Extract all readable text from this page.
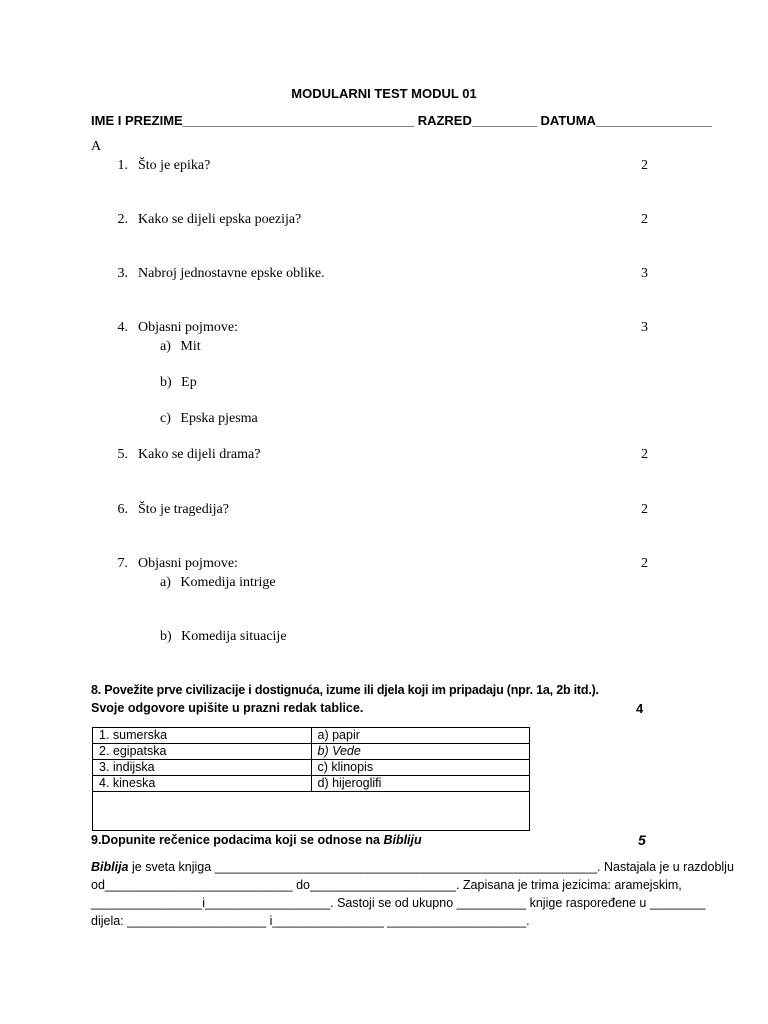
MODULARNI TEST MODUL 01
IME I PREZIME________________________________ RAZRED_________ DATUMA________________
A
1. Što je epika?	2
2. Kako se dijeli epska poezija?	2
3. Nabroj jednostavne epske oblike.	3
4. Objasni pojmove:	3
a) Mit
b) Ep
c) Epska pjesma
5. Kako se dijeli drama?	2
6. Što je tragedija?	2
7. Objasni pojmove:	2
a) Komedija intrige
b) Komedija situacije
8. Povežite prve civilizacije i dostignuća, izume ili djela koji im pripadaju (npr. 1a, 2b itd.).
Svoje odgovore upišite u prazni redak tablice.	4
1. sumerska	a) papir
2. egipatska	b) Vede
3. indijska	c) klinopis
4. kineska	d) hijeroglifi

9.Dopunite rečenice podacima koji se odnose na Bibliju	5
Biblija je sveta knjiga _______________________________________________________. Nastajala je u razdoblju
od___________________________ do_____________________. Zapisana je trima jezicima: aramejskim,
________________i__________________. Sastoji se od ukupno __________ knjige raspoređene u ________
dijela: ____________________ i________________ ____________________.
